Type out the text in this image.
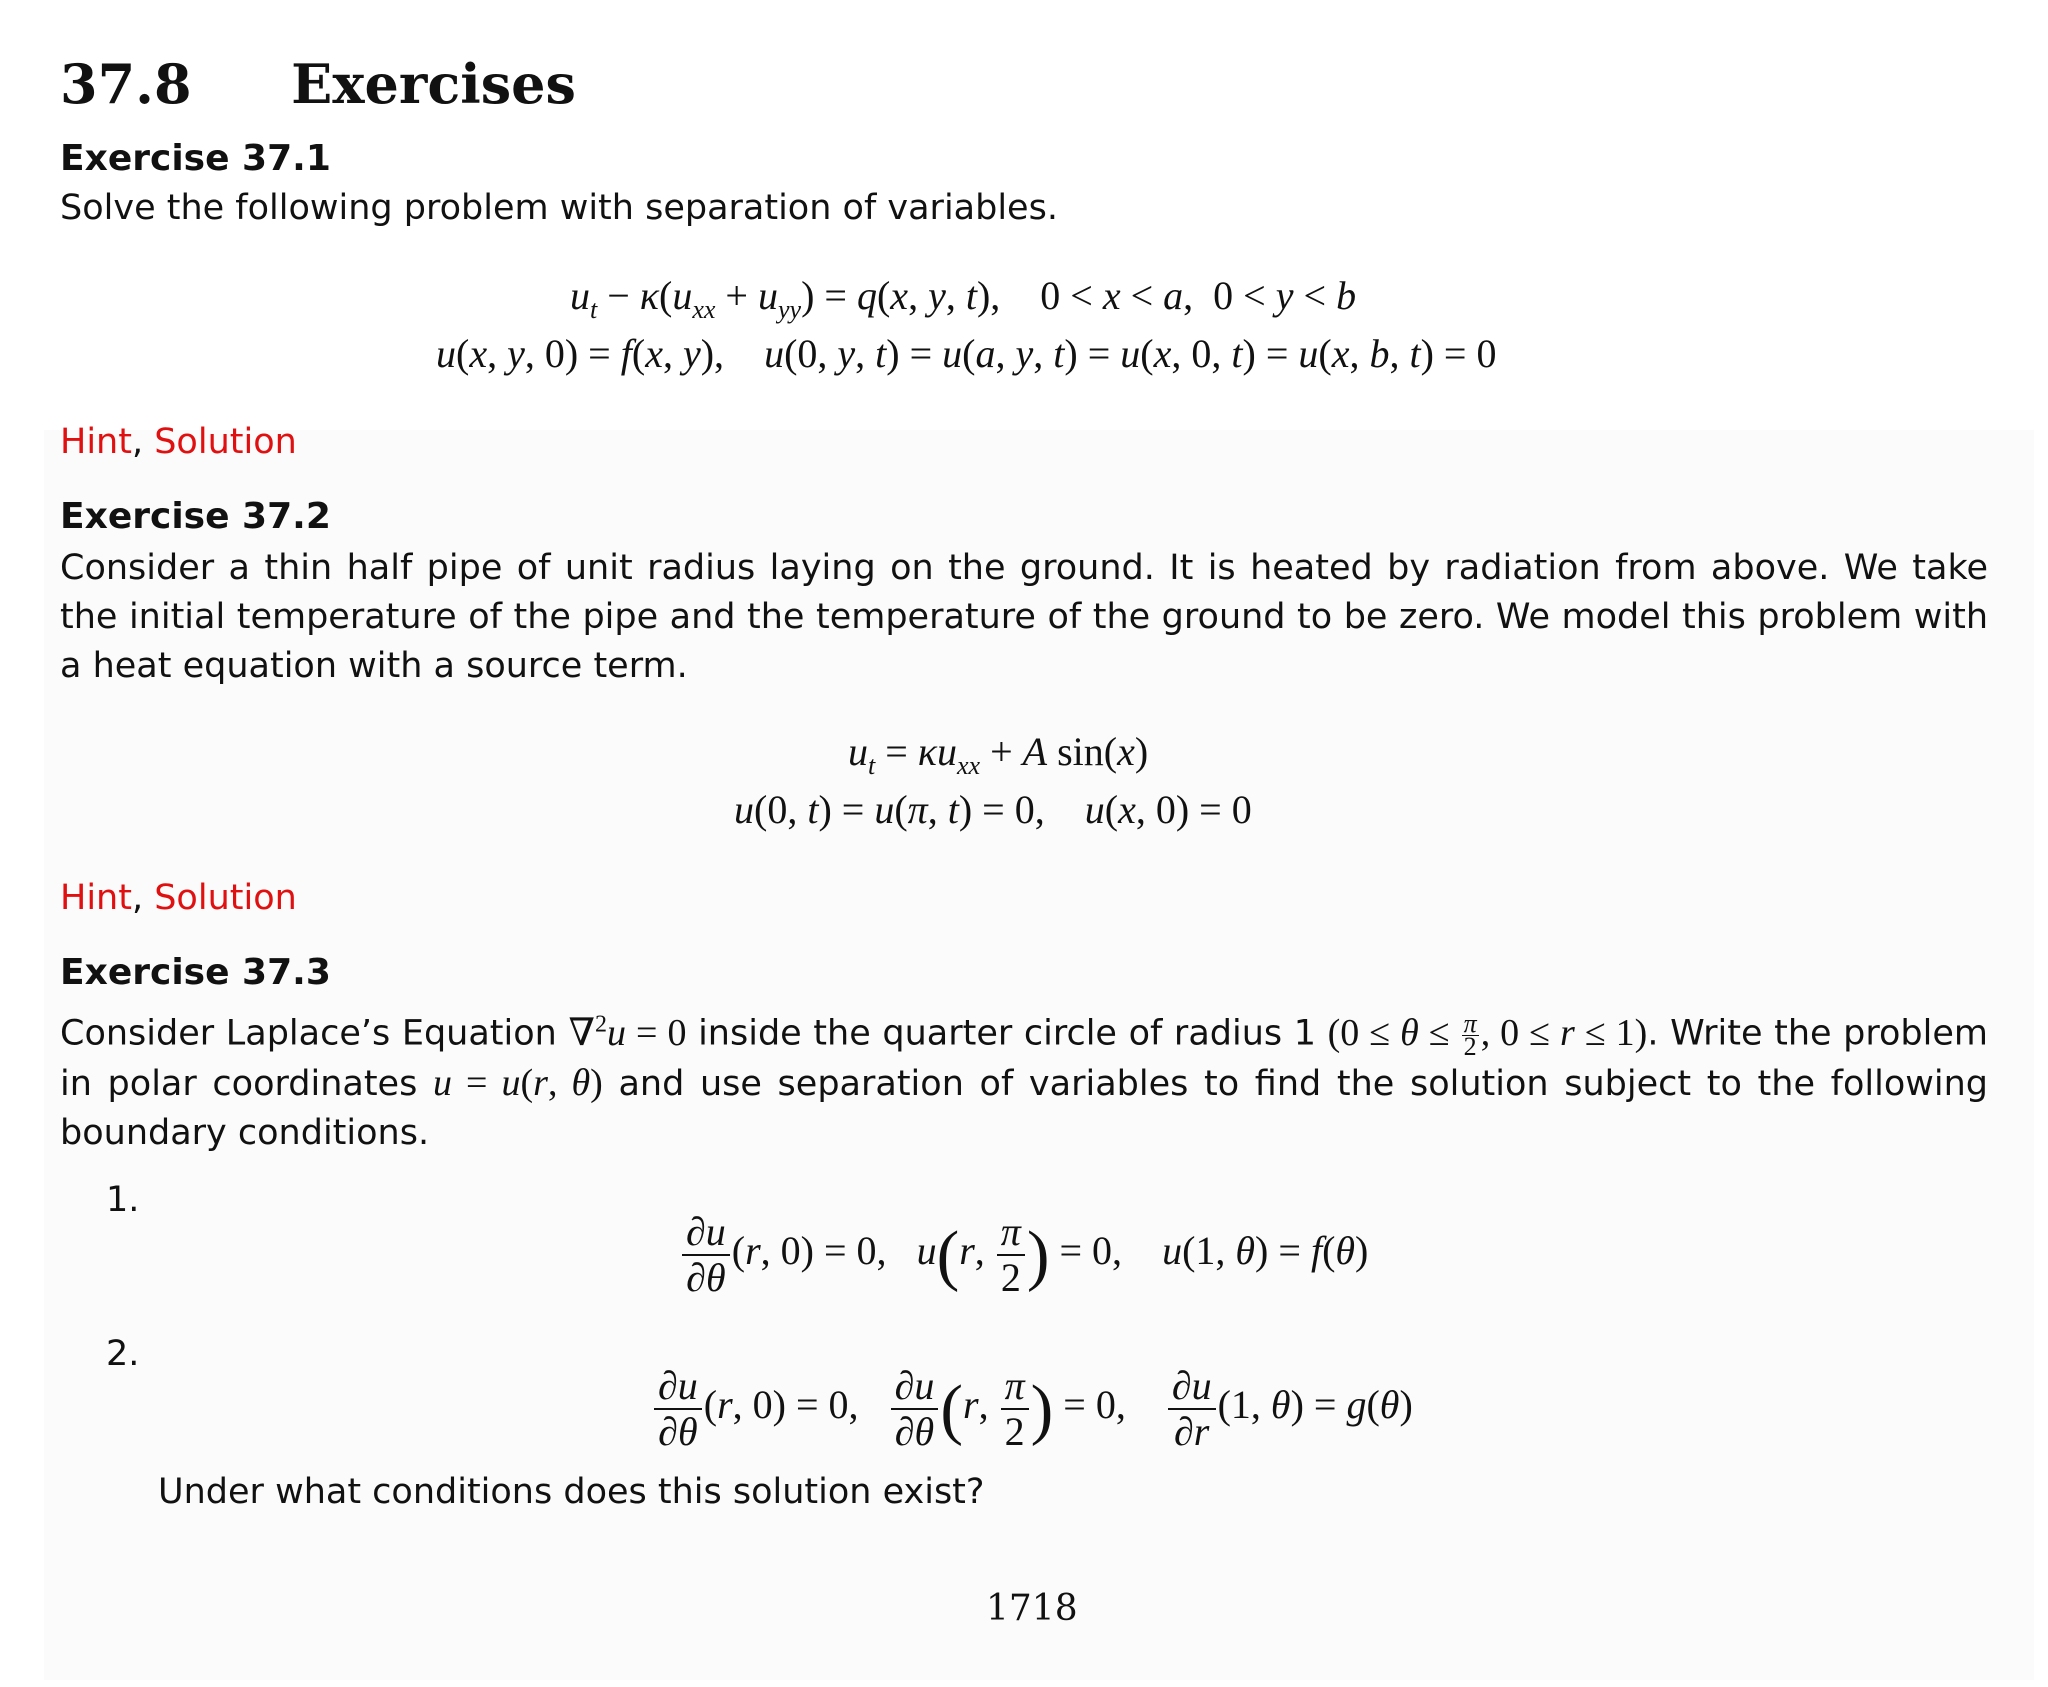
37.8 Exercises
Exercise 37.1
Solve the following problem with separation of variables.
$u_t - \kappa(u_{xx} + u_{yy}) = q(x$, y, t),    0 < x < a,  0 < y < b
u(x, y, 0) = f(x, y),    u(0, y, t) = u(a, y, t) = u(x, 0, t) = u(x, b, t) = 0
Hint, Solution
Exercise 37.2
Consider a thin half pipe of unit radius laying on the ground. It is heated by radiation from above. We take the initial temperature of the pipe and the temperature of the ground to be zero. We model this problem with a heat equation with a source term.
$u_t = \kappa u_{xx} + A$ sin(x)
u(0, t) = u(π, t) = 0,    u(x, 0) = 0
Hint, Solution
Exercise 37.3
Consider Laplace’s Equation ∇$^2$u = 0 inside the quarter circle of radius 1 ($0 \le \theta \le \frac{\pi}{2}$ , 0 ≤ r ≤ 1). Write the problem in polar coordinates u = u(r, θ) and use separation of variables to find the solution subject to the following boundary conditions.
1.
$\frac{\partial u}{\partial\theta} (r$, 0) = 0,   u(r, $\frac{\pi}{2}$ ) = 0,    u(1, θ) = f(θ)
2.
$\frac{\partial u}{\partial\theta} (r$, 0) = 0, $\frac{\partial u}{\partial\theta} (r$, $\frac{\pi}{2}$ ) = 0, $\frac{\partial u}{\partial r} (1$, θ) = g(θ)
Under what conditions does this solution exist?
1718
